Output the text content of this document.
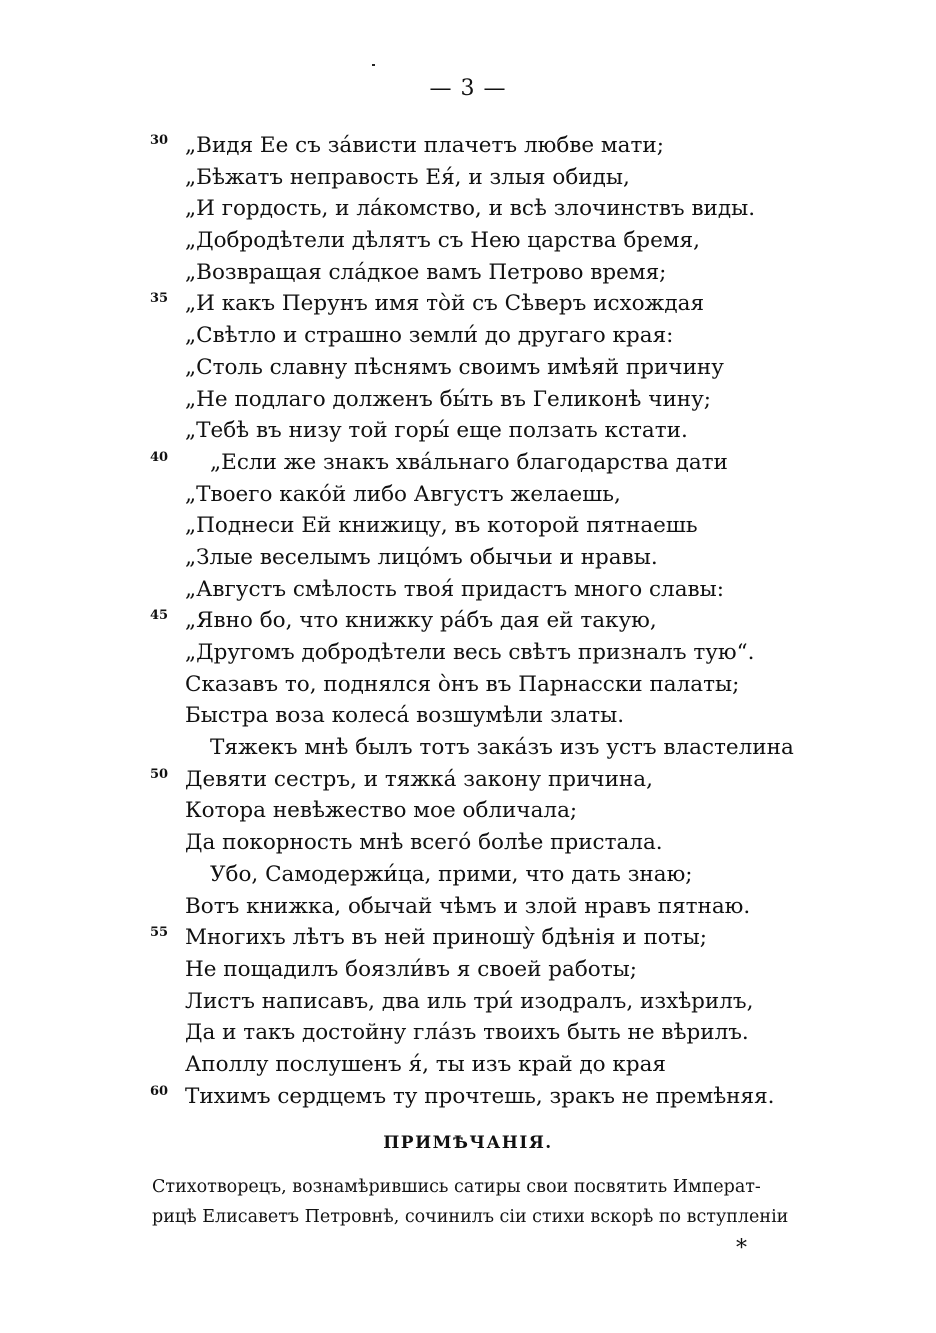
— 3 —
30 „Видя Ее съ зáвисти плачетъ любве мати;
„Бѣжатъ неправость Ея́, и злыя обиды,
„И гордость, и лáкомство, и всѣ злочинствъ виды.
„Добродѣтели дѣлятъ съ Нею царства бремя,
„Возвращая слáдкое вамъ Петрово время;
35 „И какъ Перунъ имя тòй съ Сѣверъ исхождая
„Свѣтло и страшно земли́ до другаго края:
„Столь славну пѣснямъ своимъ имѣяй причину
„Не подлаго долженъ бы́ть въ Геликонѣ чину;
„Тебѣ въ низу той горы́ еще ползать кстати.
40 „Если же знакъ хвáльнаго благодарства дати
„Твоего какóй либо Августъ желаешь,
„Поднеси Ей книжицу, въ которой пятнаешь
„Злые веселымъ лицóмъ обычьи и нравы.
„Августъ смѣлость твоя́ придастъ много славы:
45 „Явно бо, что книжку рáбъ дая ей такую,
„Другомъ добродѣтели весь свѣтъ призналъ тую“.
Сказавъ то, поднялся òнъ въ Парнасски палаты;
Быстра воза колесá возшумѣли златы.
Тяжекъ мнѣ былъ тотъ закáзъ изъ устъ властелина
50 Девяти сестръ, и тяжкá закону причина,
Котора невѣжество мое обличала;
Да покорность мнѣ всегó болѣе пристала.
Убо, Самодержи́ца, прими, что дать знаю;
Вотъ книжка, обычай чѣмъ и злой нравъ пятнаю.
55 Многихъ лѣтъ въ ней приношу̀ бдѣнія и поты;
Не пощадилъ боязли́въ я своей работы;
Листъ написавъ, два иль три́ изодралъ, изхѣрилъ,
Да и такъ достойну глáзъ твоихъ быть не вѣрилъ.
Аполлу послушенъ я́, ты изъ край до края
60 Тихимъ сердцемъ ту прочтешь, зракъ не премѣняя.
ПРИМѢЧАНІЯ.
Стихотворецъ, вознамѣрившись сатиры свои посвятить Императ-
рицѣ Елисаветъ Петровнѣ, сочинилъ сіи стихи вскорѣ по вступленіи
*
